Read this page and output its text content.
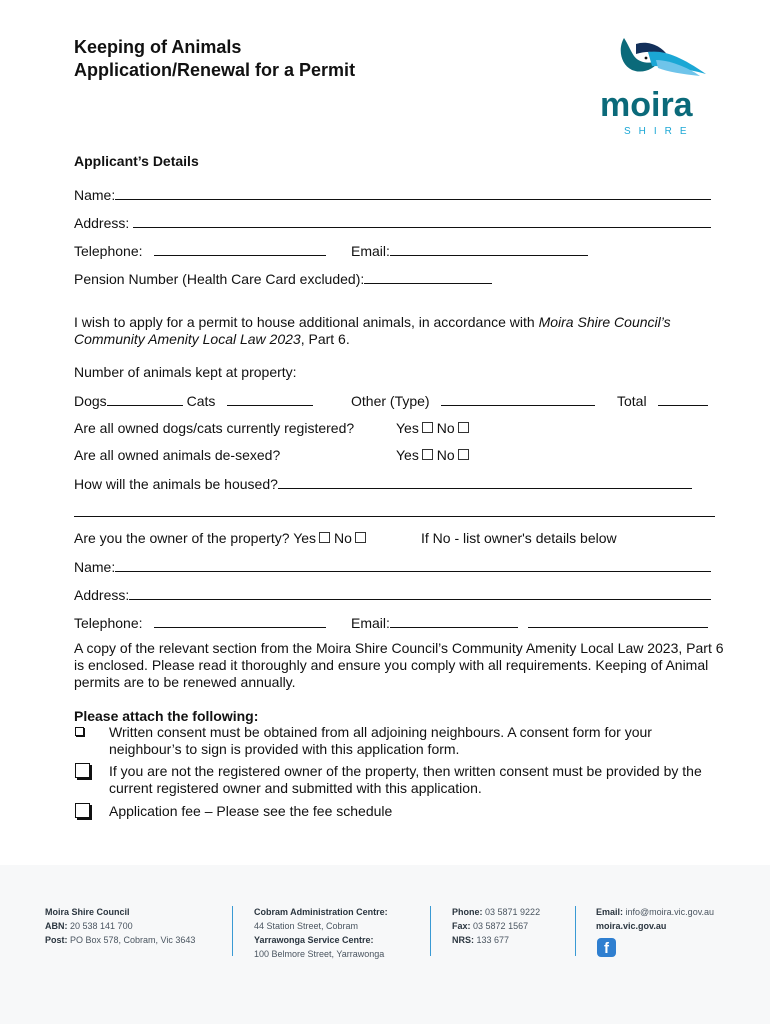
Keeping of Animals
Application/Renewal for a Permit
moira
SHIRE
Applicant’s Details
Name:
Address:
Telephone:	Email:
Pension Number (Health Care Card excluded):
I wish to apply for a permit to house additional animals, in accordance with Moira Shire Council’s Community Amenity Local Law 2023, Part 6.
Number of animals kept at property:
Dogs	Cats	Other (Type)	Total
Are all owned dogs/cats currently registered?	Yes No
Are all owned animals de-sexed?	Yes No
How will the animals be housed?
Are you the owner of the property? Yes No	If No - list owner's details below
Name:
Address:
Telephone:	Email:
A copy of the relevant section from the Moira Shire Council’s Community Amenity Local Law 2023, Part 6 is enclosed. Please read it thoroughly and ensure you comply with all requirements. Keeping of Animal permits are to be renewed annually.
Please attach the following:
Written consent must be obtained from all adjoining neighbours. A consent form for your neighbour’s to sign is provided with this application form.
If you are not the registered owner of the property, then written consent must be provided by the current registered owner and submitted with this application.
Application fee – Please see the fee schedule
Moira Shire Council
ABN: 20 538 141 700
Post: PO Box 578, Cobram, Vic 3643
Cobram Administration Centre:
44 Station Street, Cobram
Yarrawonga Service Centre:
100 Belmore Street, Yarrawonga
Phone: 03 5871 9222
Fax: 03 5872 1567
NRS: 133 677
Email: info@moira.vic.gov.au
moira.vic.gov.au
f
